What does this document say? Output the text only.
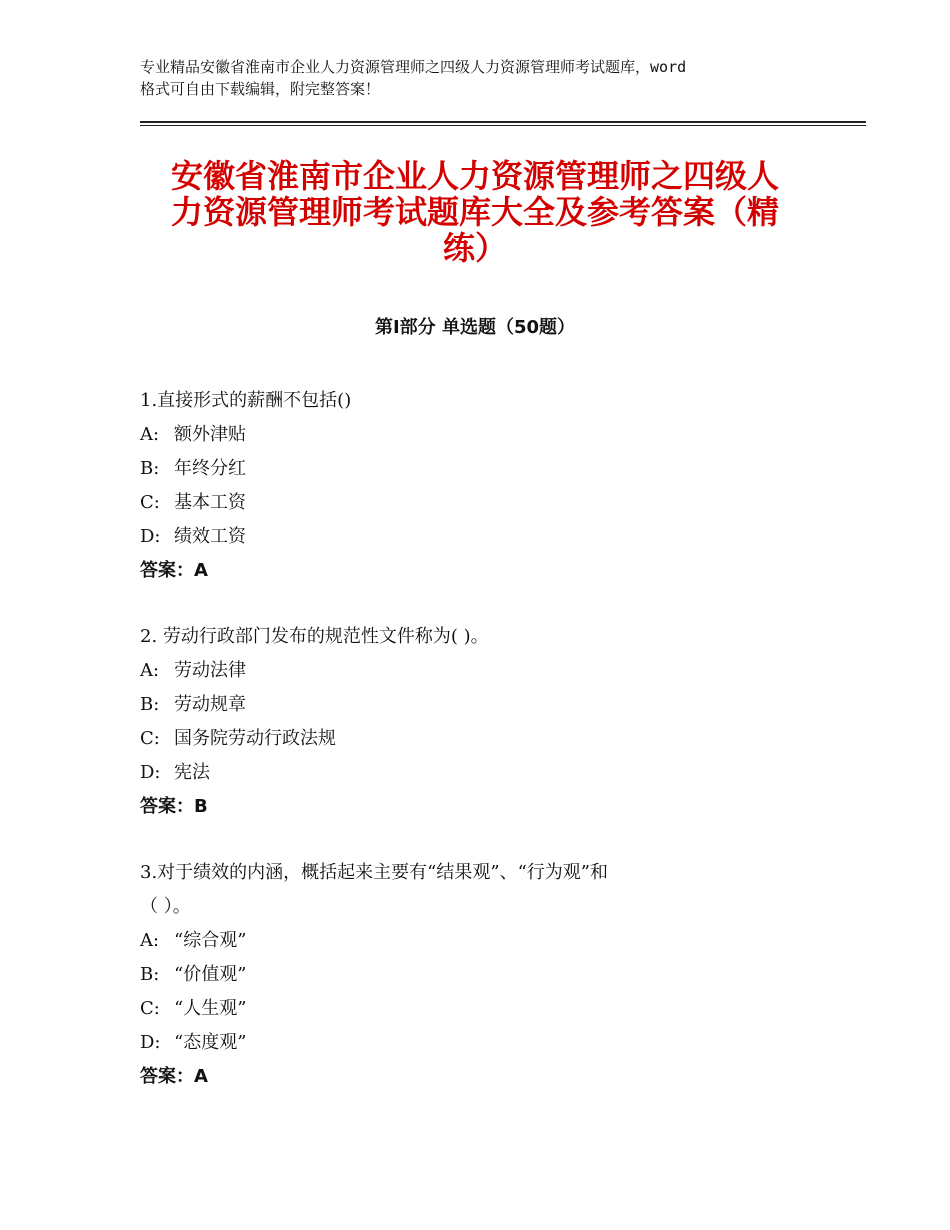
专业精品安徽省淮南市企业人力资源管理师之四级人力资源管理师考试题库，word
格式可自由下载编辑，附完整答案！
安徽省淮南市企业人力资源管理师之四级人
力资源管理师考试题库大全及参考答案（精
练）
第Ⅰ部分 单选题（50题）
1.直接形式的薪酬不包括()
A: 额外津贴
B: 年终分红
C: 基本工资
D: 绩效工资
答案：A
2. 劳动行政部门发布的规范性文件称为( )。
A: 劳动法律
B: 劳动规章
C: 国务院劳动行政法规
D: 宪法
答案：B
3.对于绩效的内涵，概括起来主要有“结果观”、“行为观”和
（ ）。
A: “综合观”
B: “价值观”
C: “人生观”
D: “态度观”
答案：A
